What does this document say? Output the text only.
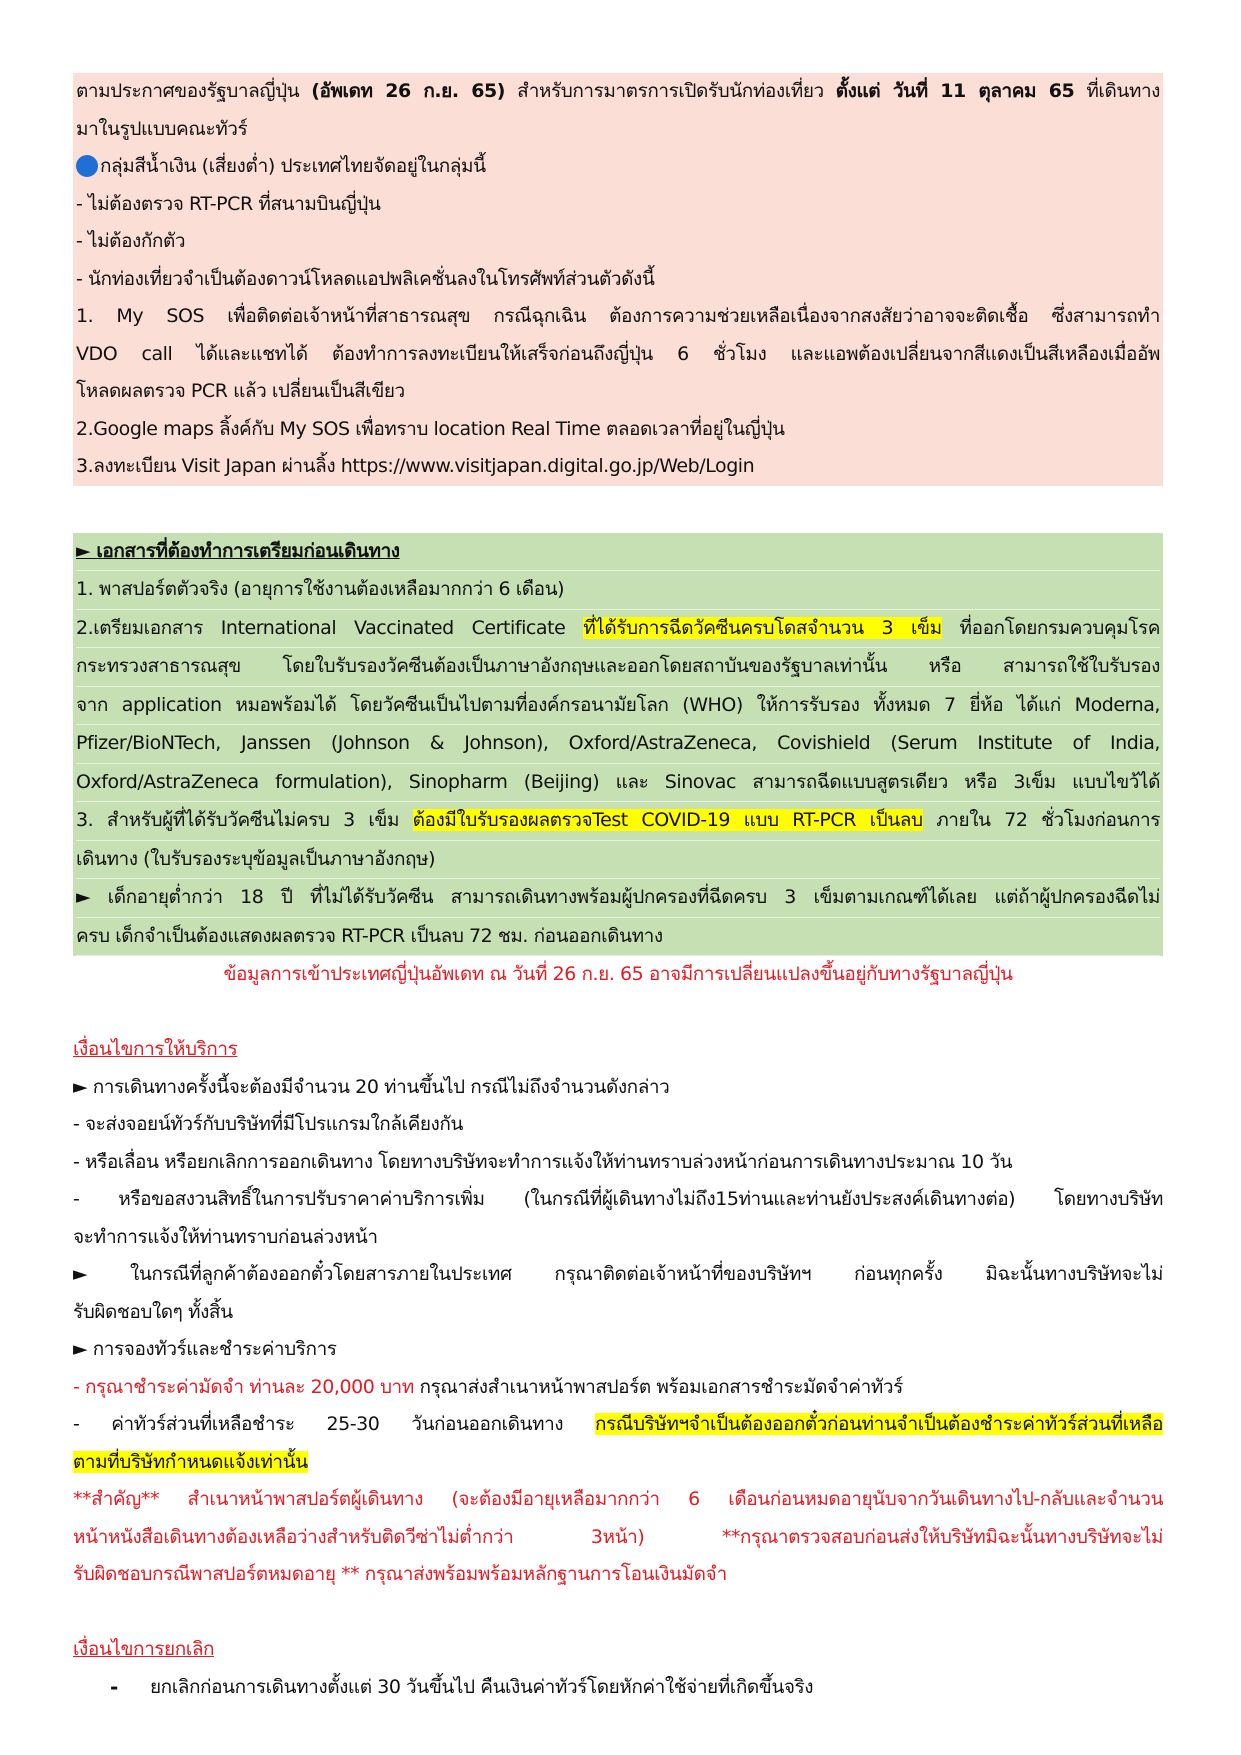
ตามประกาศของรัฐบาลญี่ปุ่น (อัพเดท 26 ก.ย. 65) สำหรับการมาตรการเปิดรับนักท่องเที่ยว ตั้งแต่ วันที่ 11 ตุลาคม 65 ที่เดินทาง
มาในรูปแบบคณะทัวร์
กลุ่มสีน้ำเงิน (เสี่ยงต่ำ) ประเทศไทยจัดอยู่ในกลุ่มนี้
- ไม่ต้องตรวจ RT-PCR ที่สนามบินญี่ปุ่น
- ไม่ต้องกักตัว
- นักท่องเที่ยวจำเป็นต้องดาวน์โหลดแอปพลิเคชั่นลงในโทรศัพท์ส่วนตัวดังนี้
1. My SOS เพื่อติดต่อเจ้าหน้าที่สาธารณสุข กรณีฉุกเฉิน ต้องการความช่วยเหลือเนื่องจากสงสัยว่าอาจจะติดเชื้อ ซึ่งสามารถทำ
VDO call ได้และแชทได้ ต้องทำการลงทะเบียนให้เสร็จก่อนถึงญี่ปุ่น 6 ชั่วโมง และแอพต้องเปลี่ยนจากสีแดงเป็นสีเหลืองเมื่ออัพ
โหลดผลตรวจ PCR แล้ว เปลี่ยนเป็นสีเขียว
2.Google maps ลิ้งค์กับ My SOS เพื่อทราบ location Real Time ตลอดเวลาที่อยู่ในญี่ปุ่น
3.ลงทะเบียน Visit Japan ผ่านลิ้ง https://www.visitjapan.digital.go.jp/Web/Login
► เอกสารที่ต้องทำการเตรียมก่อนเดินทาง
1. พาสปอร์ตตัวจริง (อายุการใช้งานต้องเหลือมากกว่า 6 เดือน)
2.เตรียมเอกสาร International Vaccinated Certificate ที่ได้รับการฉีดวัคซีนครบโดสจำนวน 3 เข็ม ที่ออกโดยกรมควบคุมโรค
กระทรวงสาธารณสุข โดยใบรับรองวัคซีนต้องเป็นภาษาอังกฤษและออกโดยสถาบันของรัฐบาลเท่านั้น หรือ สามารถใช้ใบรับรอง
จาก application หมอพร้อมได้ โดยวัคซีนเป็นไปตามที่องค์กรอนามัยโลก (WHO) ให้การรับรอง ทั้งหมด 7 ยี่ห้อ ได้แก่ Moderna,
Pfizer/BioNTech, Janssen (Johnson & Johnson), Oxford/AstraZeneca, Covishield (Serum Institute of India,
Oxford/AstraZeneca formulation), Sinopharm (Beijing) และ Sinovac สามารถฉีดแบบสูตรเดียว หรือ 3เข็ม แบบไขว้ได้
3. สำหรับผู้ที่ได้รับวัคซีนไม่ครบ 3 เข็ม ต้องมีใบรับรองผลตรวจTest COVID-19 แบบ RT-PCR เป็นลบ ภายใน 72 ชั่วโมงก่อนการ
เดินทาง (ใบรับรองระบุข้อมูลเป็นภาษาอังกฤษ)
► เด็กอายุต่ำกว่า 18 ปี ที่ไม่ได้รับวัคซีน สามารถเดินทางพร้อมผู้ปกครองที่ฉีดครบ 3 เข็มตามเกณฑ์ได้เลย แต่ถ้าผู้ปกครองฉีดไม่
ครบ เด็กจำเป็นต้องแสดงผลตรวจ RT-PCR เป็นลบ 72 ชม. ก่อนออกเดินทาง
ข้อมูลการเข้าประเทศญี่ปุ่นอัพเดท ณ วันที่ 26 ก.ย. 65 อาจมีการเปลี่ยนแปลงขึ้นอยู่กับทางรัฐบาลญี่ปุ่น
เงื่อนไขการให้บริการ
► การเดินทางครั้งนี้จะต้องมีจำนวน 20 ท่านขึ้นไป กรณีไม่ถึงจำนวนดังกล่าว
- จะส่งจอยน์ทัวร์กับบริษัทที่มีโปรแกรมใกล้เคียงกัน
- หรือเลื่อน หรือยกเลิกการออกเดินทาง โดยทางบริษัทจะทำการแจ้งให้ท่านทราบล่วงหน้าก่อนการเดินทางประมาณ 10 วัน
- หรือขอสงวนสิทธิ์ในการปรับราคาค่าบริการเพิ่ม (ในกรณีที่ผู้เดินทางไม่ถึง15ท่านและท่านยังประสงค์เดินทางต่อ) โดยทางบริษัท
จะทำการแจ้งให้ท่านทราบก่อนล่วงหน้า
► ในกรณีที่ลูกค้าต้องออกตั๋วโดยสารภายในประเทศ กรุณาติดต่อเจ้าหน้าที่ของบริษัทฯ ก่อนทุกครั้ง มิฉะนั้นทางบริษัทจะไม่
รับผิดชอบใดๆ ทั้งสิ้น
► การจองทัวร์และชำระค่าบริการ
- กรุณาชำระค่ามัดจำ ท่านละ 20,000 บาท กรุณาส่งสำเนาหน้าพาสปอร์ต พร้อมเอกสารชำระมัดจำค่าทัวร์
- ค่าทัวร์ส่วนที่เหลือชำระ 25-30 วันก่อนออกเดินทาง กรณีบริษัทฯจำเป็นต้องออกตั๋วก่อนท่านจำเป็นต้องชำระค่าทัวร์ส่วนที่เหลือ
ตามที่บริษัทกำหนดแจ้งเท่านั้น
**สำคัญ** สำเนาหน้าพาสปอร์ตผู้เดินทาง (จะต้องมีอายุเหลือมากกว่า 6 เดือนก่อนหมดอายุนับจากวันเดินทางไป-กลับและจำนวน
หน้าหนังสือเดินทางต้องเหลือว่างสำหรับติดวีซ่าไม่ต่ำกว่า 3หน้า) **กรุณาตรวจสอบก่อนส่งให้บริษัทมิฉะนั้นทางบริษัทจะไม่
รับผิดชอบกรณีพาสปอร์ตหมดอายุ ** กรุณาส่งพร้อมพร้อมหลักฐานการโอนเงินมัดจำ
เงื่อนไขการยกเลิก
- ยกเลิกก่อนการเดินทางตั้งแต่ 30 วันขึ้นไป คืนเงินค่าทัวร์โดยหักค่าใช้จ่ายที่เกิดขึ้นจริง
